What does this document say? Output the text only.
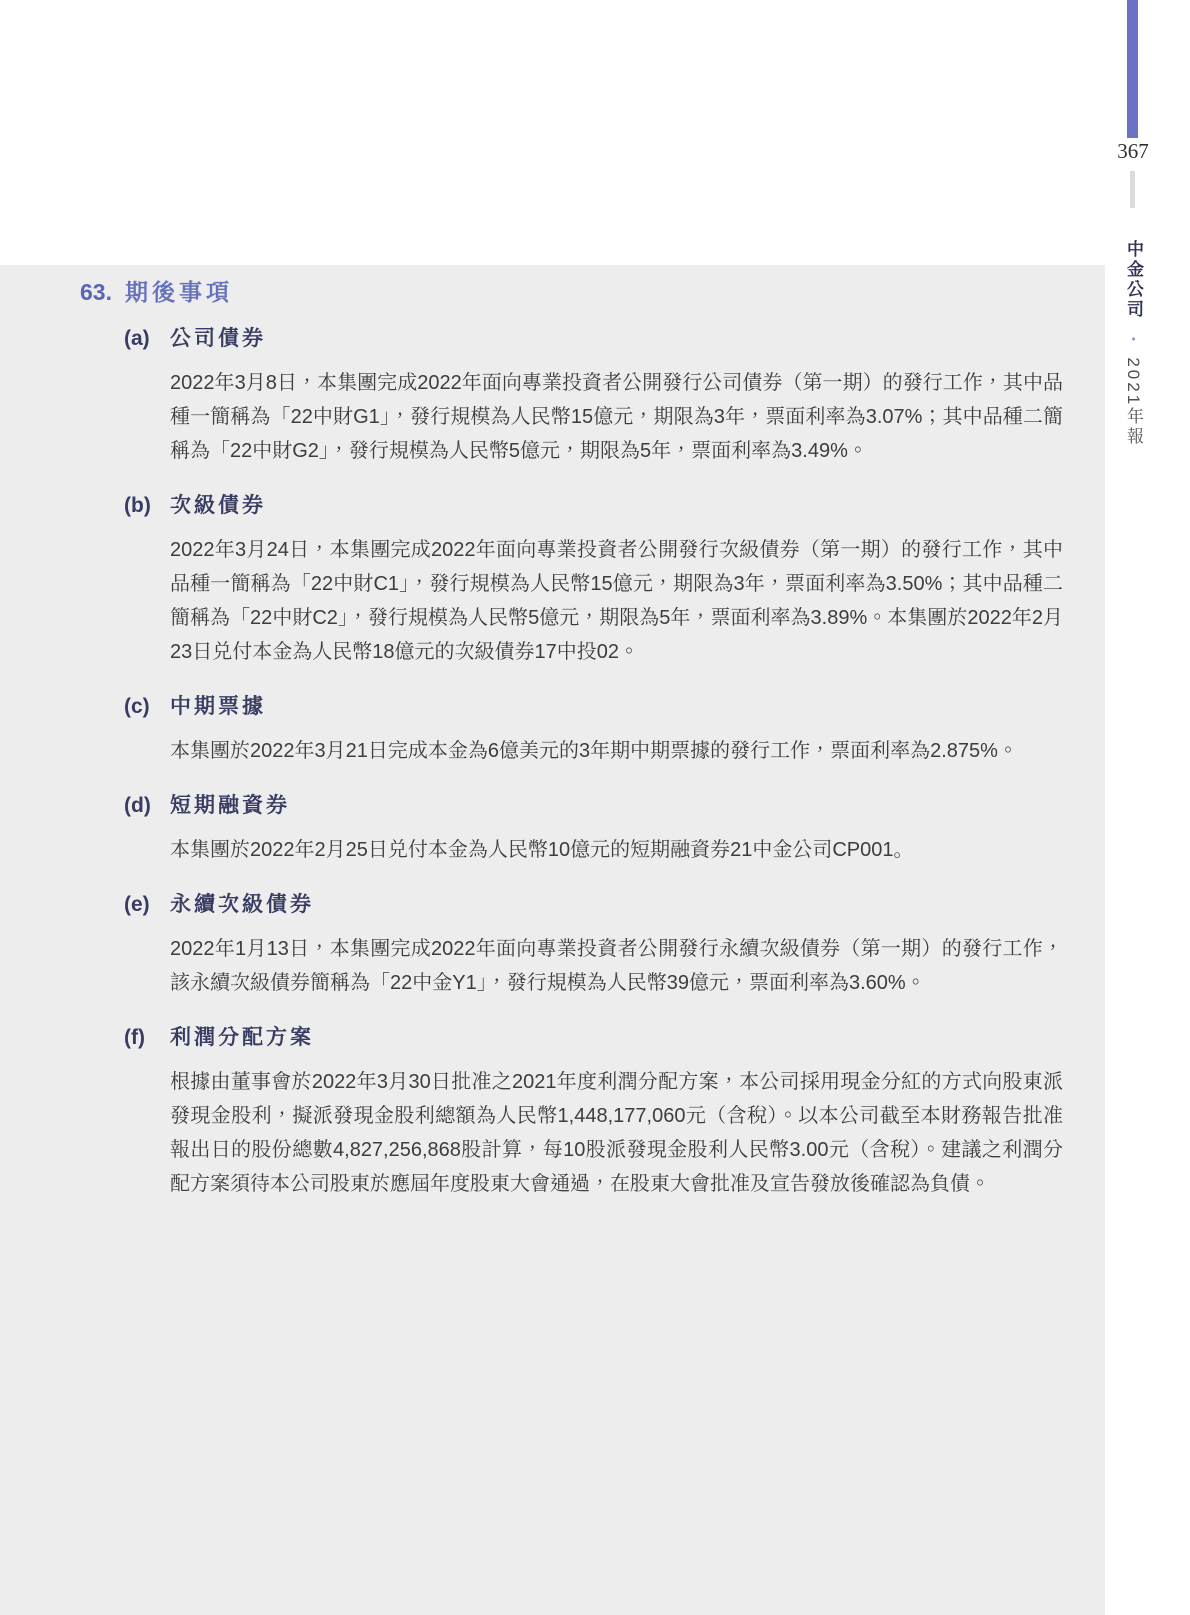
367
中金公司 • 2021年報
63. 期後事項
(a) 公司債券

2022年3月8日，本集團完成2022年面向專業投資者公開發行公司債券（第一期）的發行工作，其中品種一簡稱為「22中財G1」，發行規模為人民幣15億元，期限為3年，票面利率為3.07%；其中品種二簡稱為「22中財G2」，發行規模為人民幣5億元，期限為5年，票面利率為3.49%。

(b) 次級債券

2022年3月24日，本集團完成2022年面向專業投資者公開發行次級債券（第一期）的發行工作，其中品種一簡稱為「22中財C1」，發行規模為人民幣15億元，期限為3年，票面利率為3.50%；其中品種二簡稱為「22中財C2」，發行規模為人民幣5億元，期限為5年，票面利率為3.89%。本集團於2022年2月23日兑付本金為人民幣18億元的次級債券17中投02。

(c) 中期票據

本集團於2022年3月21日完成本金為6億美元的3年期中期票據的發行工作，票面利率為2.875%。

(d) 短期融資券

本集團於2022年2月25日兑付本金為人民幣10億元的短期融資券21中金公司CP001。

(e) 永續次級債券

2022年1月13日，本集團完成2022年面向專業投資者公開發行永續次級債券（第一期）的發行工作，該永續次級債券簡稱為「22中金Y1」，發行規模為人民幣39億元，票面利率為3.60%。

(f)	利潤分配方案

根據由董事會於2022年3月30日批准之2021年度利潤分配方案，本公司採用現金分紅的方式向股東派發現金股利，擬派發現金股利總額為人民幣1,448,177,060元（含稅）。以本公司截至本財務報告批准報出日的股份總數4,827,256,868股計算，每10股派發現金股利人民幣3.00元（含稅）。建議之利潤分配方案須待本公司股東於應屆年度股東大會通過，在股東大會批准及宣告發放後確認為負債。
